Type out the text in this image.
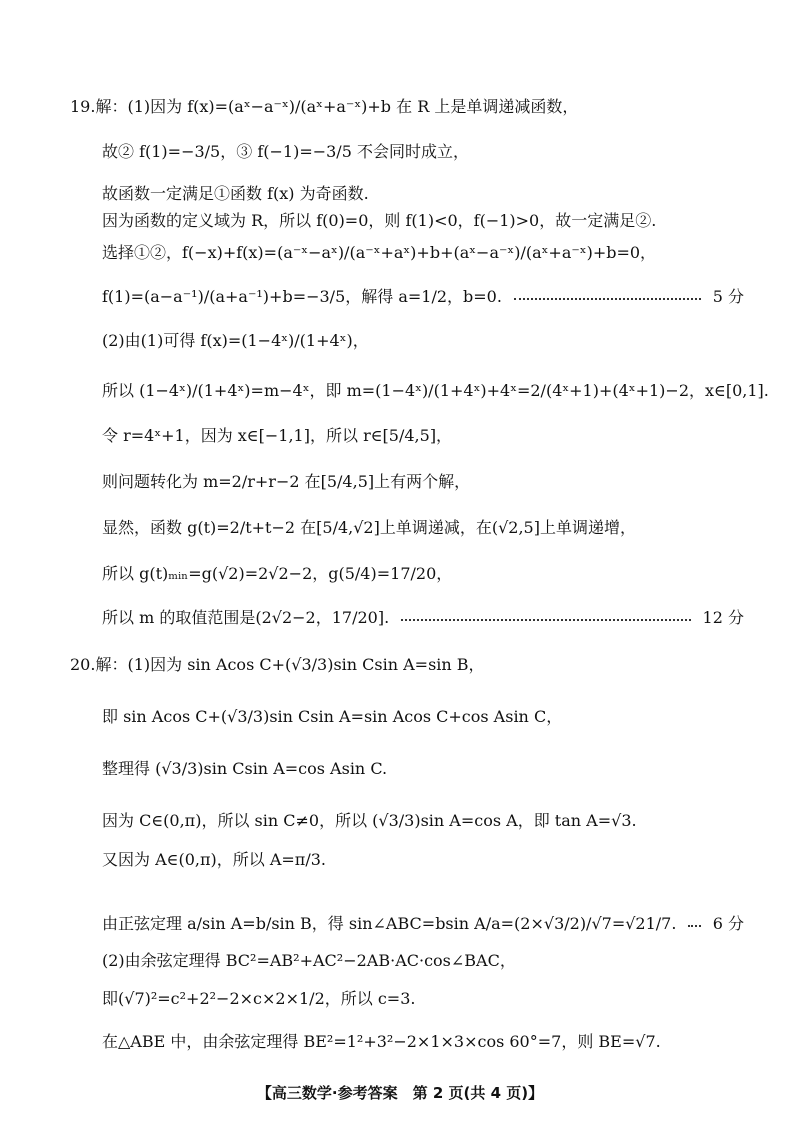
19.解：(1)因为 f(x)=(aˣ−a⁻ˣ)/(aˣ+a⁻ˣ)+b 在 R 上是单调递减函数，
故② f(1)=−3/5，③ f(−1)=−3/5 不会同时成立，
故函数一定满足①函数 f(x) 为奇函数.
因为函数的定义域为 R，所以 f(0)=0，则 f(1)<0，f(−1)>0，故一定满足②.
选择①②，f(−x)+f(x)=(a⁻ˣ−aˣ)/(a⁻ˣ+aˣ)+b+(aˣ−a⁻ˣ)/(aˣ+a⁻ˣ)+b=0，
f(1)=(a−a⁻¹)/(a+a⁻¹)+b=−3/5，解得 a=1/2，b=0.	5 分
(2)由(1)可得 f(x)=(1−4ˣ)/(1+4ˣ)，
所以 (1−4ˣ)/(1+4ˣ)=m−4ˣ，即 m=(1−4ˣ)/(1+4ˣ)+4ˣ=2/(4ˣ+1)+(4ˣ+1)−2，x∈[0,1].
令 r=4ˣ+1，因为 x∈[−1,1]，所以 r∈[5/4,5]，
则问题转化为 m=2/r+r−2 在[5/4,5]上有两个解，
显然，函数 g(t)=2/t+t−2 在[5/4,√2]上单调递减，在(√2,5]上单调递增，
所以 g(t)ₘᵢₙ=g(√2)=2√2−2，g(5/4)=17/20，
所以 m 的取值范围是(2√2−2，17/20].	12 分
20.解：(1)因为 sin Acos C+(√3/3)sin Csin A=sin B，
即 sin Acos C+(√3/3)sin Csin A=sin Acos C+cos Asin C，
整理得 (√3/3)sin Csin A=cos Asin C.
因为 C∈(0,π)，所以 sin C≠0，所以 (√3/3)sin A=cos A，即 tan A=√3.
又因为 A∈(0,π)，所以 A=π/3.
由正弦定理 a/sin A=b/sin B，得 sin∠ABC=bsin A/a=(2×√3/2)/√7=√21/7. 6 分
(2)由余弦定理得 BC²=AB²+AC²−2AB·AC·cos∠BAC，
即(√7)²=c²+2²−2×c×2×1/2，所以 c=3.
在△ABE 中，由余弦定理得 BE²=1²+3²−2×1×3×cos 60°=7，则 BE=√7.
【高三数学·参考答案　第 2 页(共 4 页)】
